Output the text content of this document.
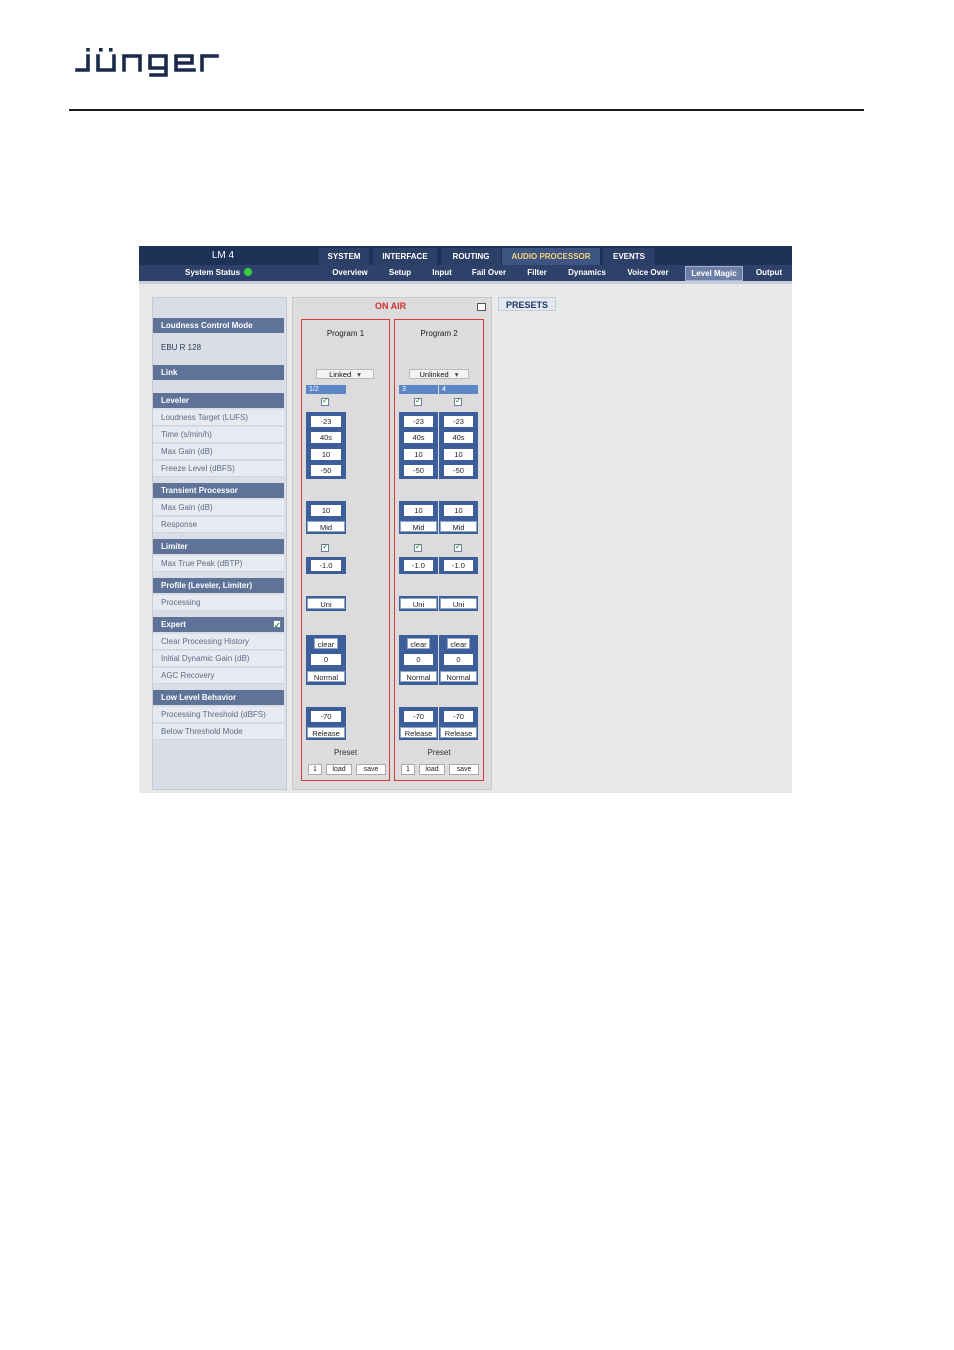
LM 4	SYSTEM	INTERFACE	ROUTING	AUDIO PROCESSOR	EVENTS
System Status	Overview	Setup	Input	Fail Over	Filter	Dynamics	Voice Over	Level Magic	Output
Loudness Control Mode
EBU R 128
Link
Leveler
Loudness Target (LUFS)
Time (s/min/h)
Max Gain (dB)
Freeze Level (dBFS)
Transient Processor
Max Gain (dB)
Response
Limiter
Max True Peak (dBTP)
Profile (Leveler, Limiter)
Processing
Expert
✓
Clear Processing History
Initial Dynamic Gain (dB)
AGC Recovery
Low Level Behavior
Processing Threshold (dBFS)
Below Threshold Mode
ON AIR
Program 1
Linked ▾
1/2
✓
-23
40s
10
-50
10
Mid
✓
-1.0
Uni
clear
0
Normal
-70
Release
Preset
1	load	save
Program 2
Unlinked ▾
3	4
✓
✓
-23
40s
10
-50
-23
40s
10
-50
10
Mid
10
Mid
✓
✓
-1.0	-1.0
Uni	Uni
clear
0
Normal
clear
0
Normal
-70
Release
-70
Release
Preset
1	load	save
PRESETS
